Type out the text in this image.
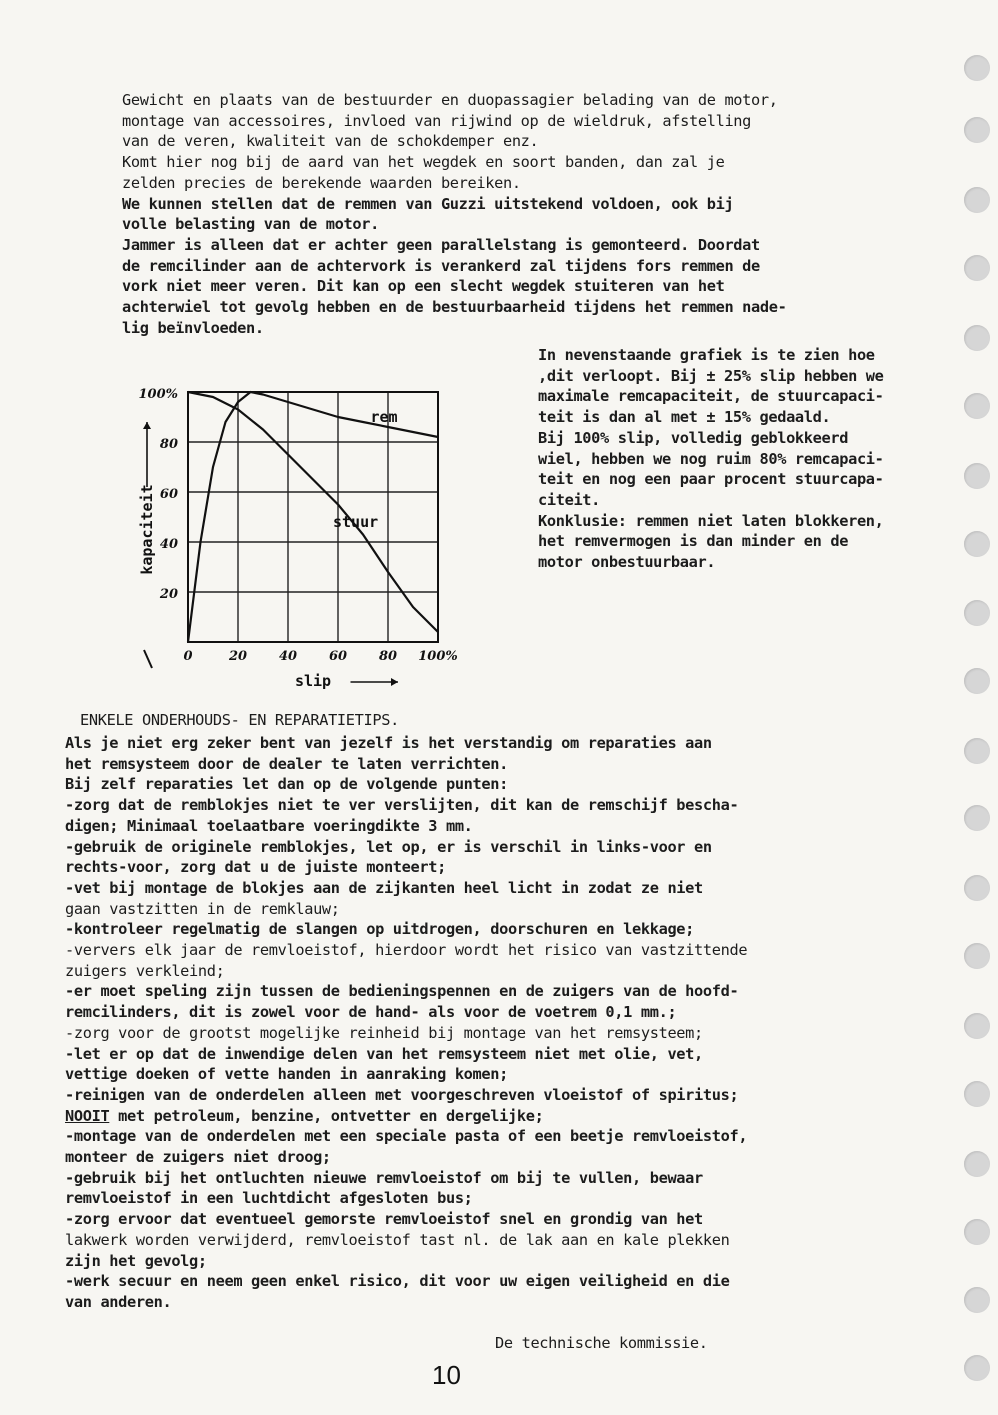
Gewicht en plaats van de bestuurder en duopassagier belading van de motor,
montage van accessoires, invloed van rijwind op de wieldruk, afstelling
van de veren, kwaliteit van de schokdemper enz.
Komt hier nog bij de aard van het wegdek en soort banden, dan zal je
zelden precies de berekende waarden bereiken.
We kunnen stellen dat de remmen van Guzzi uitstekend voldoen, ook bij
volle belasting van de motor.
Jammer is alleen dat er achter geen parallelstang is gemonteerd. Doordat
de remcilinder aan de achtervork is verankerd zal tijdens fors remmen de
vork niet meer veren. Dit kan op een slecht wegdek stuiteren van het
achterwiel tot gevolg hebben en de bestuurbaarheid tijdens het remmen nade-
lig beïnvloeden.
rem
stuur
100%
80
60
40
20
0	20 40 60 80 100%
slip
kapaciteit
In nevenstaande grafiek is te zien hoe
,dit verloopt. Bij ± 25% slip hebben we
maximale remcapaciteit, de stuurcapaci-
teit is dan al met ± 15% gedaald.
Bij 100% slip, volledig geblokkeerd
wiel, hebben we nog ruim 80% remcapaci-
teit en nog een paar procent stuurcapa-
citeit.
Konklusie: remmen niet laten blokkeren,
het remvermogen is dan minder en de
motor onbestuurbaar.
ENKELE ONDERHOUDS- EN REPARATIETIPS.
Als je niet erg zeker bent van jezelf is het verstandig om reparaties aan
het remsysteem door de dealer te laten verrichten.
Bij zelf reparaties let dan op de volgende punten:
-zorg dat de remblokjes niet te ver verslijten, dit kan de remschijf bescha-
digen; Minimaal toelaatbare voeringdikte 3 mm.
-gebruik de originele remblokjes, let op, er is verschil in links-voor en
rechts-voor, zorg dat u de juiste monteert;
-vet bij montage de blokjes aan de zijkanten heel licht in zodat ze niet
gaan vastzitten in de remklauw;
-kontroleer regelmatig de slangen op uitdrogen, doorschuren en lekkage;
-ververs elk jaar de remvloeistof, hierdoor wordt het risico van vastzittende
zuigers verkleind;
-er moet speling zijn tussen de bedieningspennen en de zuigers van de hoofd-
remcilinders, dit is zowel voor de hand- als voor de voetrem 0,1 mm.;
-zorg voor de grootst mogelijke reinheid bij montage van het remsysteem;
-let er op dat de inwendige delen van het remsysteem niet met olie, vet,
vettige doeken of vette handen in aanraking komen;
-reinigen van de onderdelen alleen met voorgeschreven vloeistof of spiritus;
NOOIT met petroleum, benzine, ontvetter en dergelijke;
-montage van de onderdelen met een speciale pasta of een beetje remvloeistof,
monteer de zuigers niet droog;
-gebruik bij het ontluchten nieuwe remvloeistof om bij te vullen, bewaar
remvloeistof in een luchtdicht afgesloten bus;
-zorg ervoor dat eventueel gemorste remvloeistof snel en grondig van het
lakwerk worden verwijderd, remvloeistof tast nl. de lak aan en kale plekken
zijn het gevolg;
-werk secuur en neem geen enkel risico, dit voor uw eigen veiligheid en die
van anderen.
De technische kommissie.
10
